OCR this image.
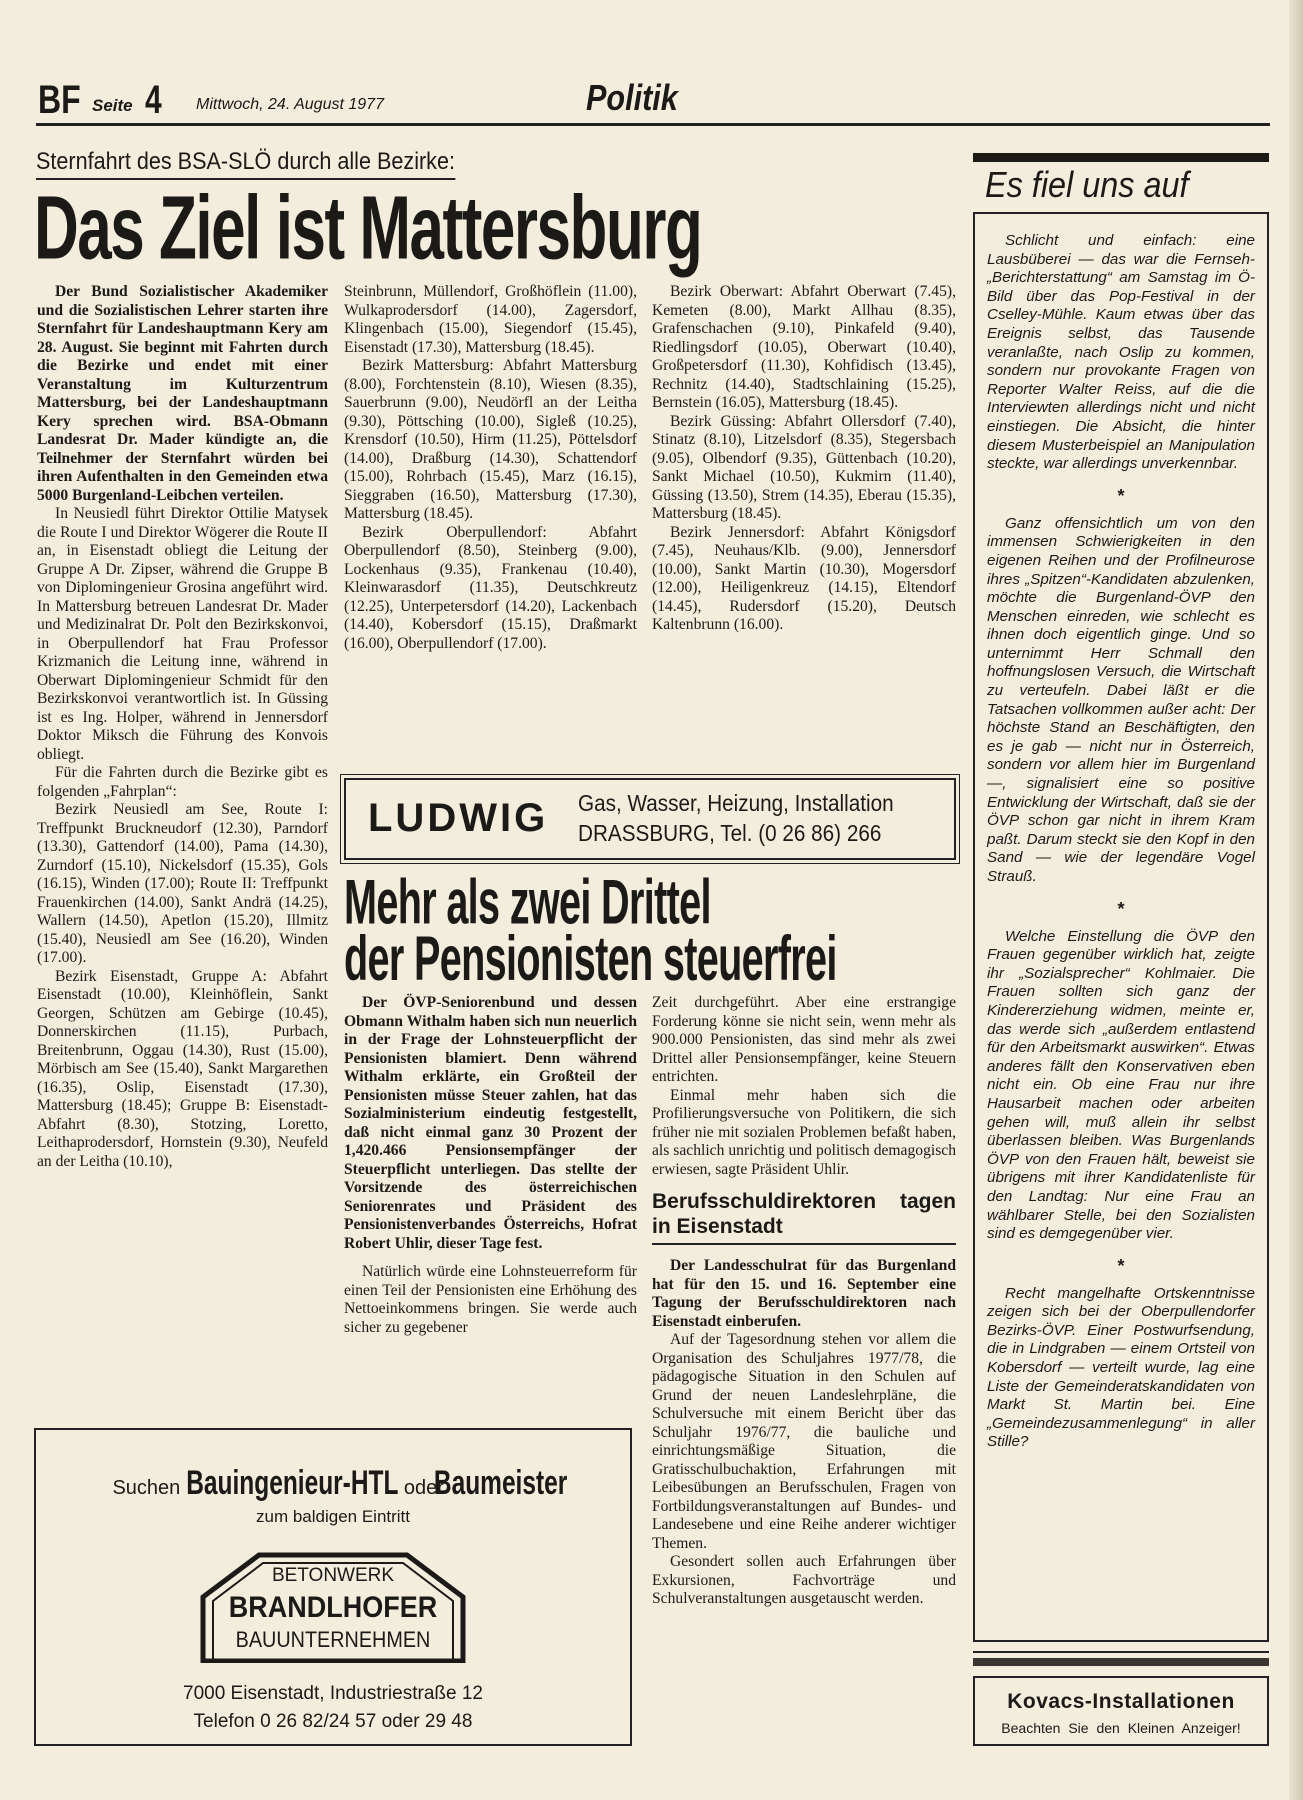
BF Seite 4 Mittwoch, 24. August 1977	Politik
Sternfahrt des BSA-SLÖ durch alle Bezirke:
Das Ziel ist Mattersburg

Der Bund Sozialistischer Akademiker und die Sozialistischen Lehrer starten ihre Sternfahrt für Landeshauptmann Kery am 28. August. Sie beginnt mit Fahrten durch die Bezirke und endet mit einer Veranstaltung im Kulturzentrum Mattersburg, bei der Landeshauptmann Kery sprechen wird. BSA-Obmann Landesrat Dr. Mader kündigte an, die Teilnehmer der Sternfahrt würden bei ihren Aufenthalten in den Gemeinden etwa 5000 Burgenland-Leibchen verteilen.

In Neusiedl führt Direktor Ottilie Matysek die Route I und Direktor Wögerer die Route II an, in Eisenstadt obliegt die Leitung der Gruppe A Dr. Zipser, während die Gruppe B von Diplomingenieur Grosina angeführt wird. In Mattersburg betreuen Landesrat Dr. Mader und Medizinalrat Dr. Polt den Bezirkskonvoi, in Oberpullendorf hat Frau Professor Krizmanich die Leitung inne, während in Oberwart Diplomingenieur Schmidt für den Bezirkskonvoi verantwortlich ist. In Güssing ist es Ing. Holper, während in Jennersdorf Doktor Miksch die Führung des Konvois obliegt.

Für die Fahrten durch die Bezirke gibt es folgenden „Fahrplan“:

Bezirk Neusiedl am See, Route I: Treffpunkt Bruckneudorf (12.30), Parndorf (13.30), Gattendorf (14.00), Pama (14.30), Zurndorf (15.10), Nickelsdorf (15.35), Gols (16.15), Winden (17.00); Route II: Treffpunkt Frauenkirchen (14.00), Sankt Andrä (14.25), Wallern (14.50), Apetlon (15.20), Illmitz (15.40), Neusiedl am See (16.20), Winden (17.00).

Bezirk Eisenstadt, Gruppe A: Abfahrt Eisenstadt (10.00), Kleinhöflein, Sankt Georgen, Schützen am Gebirge (10.45), Donnerskirchen (11.15), Purbach, Breitenbrunn, Oggau (14.30), Rust (15.00), Mörbisch am See (15.40), Sankt Margarethen (16.35), Oslip, Eisenstadt (17.30), Mattersburg (18.45); Gruppe B: Eisenstadt-Abfahrt (8.30), Stotzing, Loretto, Leithaprodersdorf, Hornstein (9.30), Neufeld an der Leitha (10.10),

Steinbrunn, Müllendorf, Großhöflein (11.00), Wulkaprodersdorf (14.00), Zagersdorf, Klingenbach (15.00), Siegendorf (15.45), Eisenstadt (17.30), Mattersburg (18.45).

Bezirk Mattersburg: Abfahrt Mattersburg (8.00), Forchtenstein (8.10), Wiesen (8.35), Sauerbrunn (9.00), Neudörfl an der Leitha (9.30), Pöttsching (10.00), Sigleß (10.25), Krensdorf (10.50), Hirm (11.25), Pöttelsdorf (14.00), Draßburg (14.30), Schattendorf (15.00), Rohrbach (15.45), Marz (16.15), Sieggraben (16.50), Mattersburg (17.30), Mattersburg (18.45).

Bezirk Oberpullendorf: Abfahrt Oberpullendorf (8.50), Steinberg (9.00), Lockenhaus (9.35), Frankenau (10.40), Kleinwarasdorf (11.35), Deutschkreutz (12.25), Unterpetersdorf (14.20), Lackenbach (14.40), Kobersdorf (15.15), Draßmarkt (16.00), Oberpullendorf (17.00).

Bezirk Oberwart: Abfahrt Oberwart (7.45), Kemeten (8.00), Markt Allhau (8.35), Grafenschachen (9.10), Pinkafeld (9.40), Riedlingsdorf (10.05), Oberwart (10.40), Großpetersdorf (11.30), Kohfidisch (13.45), Rechnitz (14.40), Stadtschlaining (15.25), Bernstein (16.05), Mattersburg (18.45).

Bezirk Güssing: Abfahrt Ollersdorf (7.40), Stinatz (8.10), Litzelsdorf (8.35), Stegersbach (9.05), Olbendorf (9.35), Güttenbach (10.20), Sankt Michael (10.50), Kukmirn (11.40), Güssing (13.50), Strem (14.35), Eberau (15.35), Mattersburg (18.45).

Bezirk Jennersdorf: Abfahrt Königsdorf (7.45), Neuhaus/Klb. (9.00), Jennersdorf (10.00), Sankt Martin (10.30), Mogersdorf (12.00), Heiligenkreuz (14.15), Eltendorf (14.45), Rudersdorf (15.20), Deutsch Kaltenbrunn (16.00).

LUDWIG Gas, Wasser, Heizung, Installation
DRASSBURG, Tel. (0 26 86) 266
Mehr als zwei Drittel
der Pensionisten steuerfrei

Der ÖVP-Seniorenbund und dessen Obmann Withalm haben sich nun neuerlich in der Frage der Lohnsteuerpflicht der Pensionisten blamiert. Denn während Withalm erklärte, ein Großteil der Pensionisten müsse Steuer zahlen, hat das Sozialministerium eindeutig festgestellt, daß nicht einmal ganz 30 Prozent der 1,420.466 Pensionsempfänger der Steuerpflicht unterliegen. Das stellte der Vorsitzende des österreichischen Seniorenrates und Präsident des Pensionistenverbandes Österreichs, Hofrat Robert Uhlir, dieser Tage fest.

Natürlich würde eine Lohnsteuerreform für einen Teil der Pensionisten eine Erhöhung des Nettoeinkommens bringen. Sie werde auch sicher zu gegebener

Zeit durchgeführt. Aber eine erstrangige Forderung könne sie nicht sein, wenn mehr als 900.000 Pensionisten, das sind mehr als zwei Drittel aller Pensionsempfänger, keine Steuern entrichten.

Einmal mehr haben sich die Profilierungsversuche von Politikern, die sich früher nie mit sozialen Problemen befaßt haben, als sachlich unrichtig und politisch demagogisch erwiesen, sagte Präsident Uhlir.

Berufsschuldirektoren tagen in Eisenstadt

Der Landesschulrat für das Burgenland hat für den 15. und 16. September eine Tagung der Berufsschuldirektoren nach Eisenstadt einberufen.

Auf der Tagesordnung stehen vor allem die Organisation des Schuljahres 1977/78, die pädagogische Situation in den Schulen auf Grund der neuen Landeslehrpläne, die Schulversuche mit einem Bericht über das Schuljahr 1976/77, die bauliche und einrichtungsmäßige Situation, die Gratisschulbuchaktion, Erfahrungen mit Leibesübungen an Berufsschulen, Fragen von Fortbildungsveranstaltungen auf Bundes- und Landesebene und eine Reihe anderer wichtiger Themen.

Gesondert sollen auch Erfahrungen über Exkursionen, Fachvorträge und Schulveranstaltungen ausgetauscht werden.

Suchen Bauingenieur-HTL oder Baumeister
zum baldigen Eintritt
BETONWERK
BRANDLHOFER
BAUUNTERNEHMEN
7000 Eisenstadt, Industriestraße 12
Telefon 0 26 82/24 57 oder 29 48
Es fiel uns auf

Schlicht und einfach: eine Lausbüberei — das war die Fernseh-„Berichterstattung“ am Samstag im Ö-Bild über das Pop-Festival in der Cselley-Mühle. Kaum etwas über das Ereignis selbst, das Tausende veranlaßte, nach Oslip zu kommen, sondern nur provokante Fragen von Reporter Walter Reiss, auf die die Interviewten allerdings nicht und nicht einstiegen. Die Absicht, die hinter diesem Musterbeispiel an Manipulation steckte, war allerdings unverkennbar.

*

Ganz offensichtlich um von den immensen Schwierigkeiten in den eigenen Reihen und der Profilneurose ihres „Spitzen“-Kandidaten abzulenken, möchte die Burgenland-ÖVP den Menschen einreden, wie schlecht es ihnen doch eigentlich ginge. Und so unternimmt Herr Schmall den hoffnungslosen Versuch, die Wirtschaft zu verteufeln. Dabei läßt er die Tatsachen vollkommen außer acht: Der höchste Stand an Beschäftigten, den es je gab — nicht nur in Österreich, sondern vor allem hier im Burgenland —, signalisiert eine so positive Entwicklung der Wirtschaft, daß sie der ÖVP schon gar nicht in ihrem Kram paßt. Darum steckt sie den Kopf in den Sand — wie der legendäre Vogel Strauß.

*

Welche Einstellung die ÖVP den Frauen gegenüber wirklich hat, zeigte ihr „Sozialsprecher“ Kohlmaier. Die Frauen sollten sich ganz der Kindererziehung widmen, meinte er, das werde sich „außerdem entlastend für den Arbeitsmarkt auswirken“. Etwas anderes fällt den Konservativen eben nicht ein. Ob eine Frau nur ihre Hausarbeit machen oder arbeiten gehen will, muß allein ihr selbst überlassen bleiben. Was Burgenlands ÖVP von den Frauen hält, beweist sie übrigens mit ihrer Kandidatenliste für den Landtag: Nur eine Frau an wählbarer Stelle, bei den Sozialisten sind es demgegenüber vier.

*

Recht mangelhafte Ortskenntnisse zeigen sich bei der Oberpullendorfer Bezirks-ÖVP. Einer Postwurfsendung, die in Lindgraben — einem Ortsteil von Kobersdorf — verteilt wurde, lag eine Liste der Gemeinderatskandidaten von Markt St. Martin bei. Eine „Gemeindezusammenlegung“ in aller Stille?

Kovacs-Installationen
Beachten Sie den Kleinen Anzeiger!
